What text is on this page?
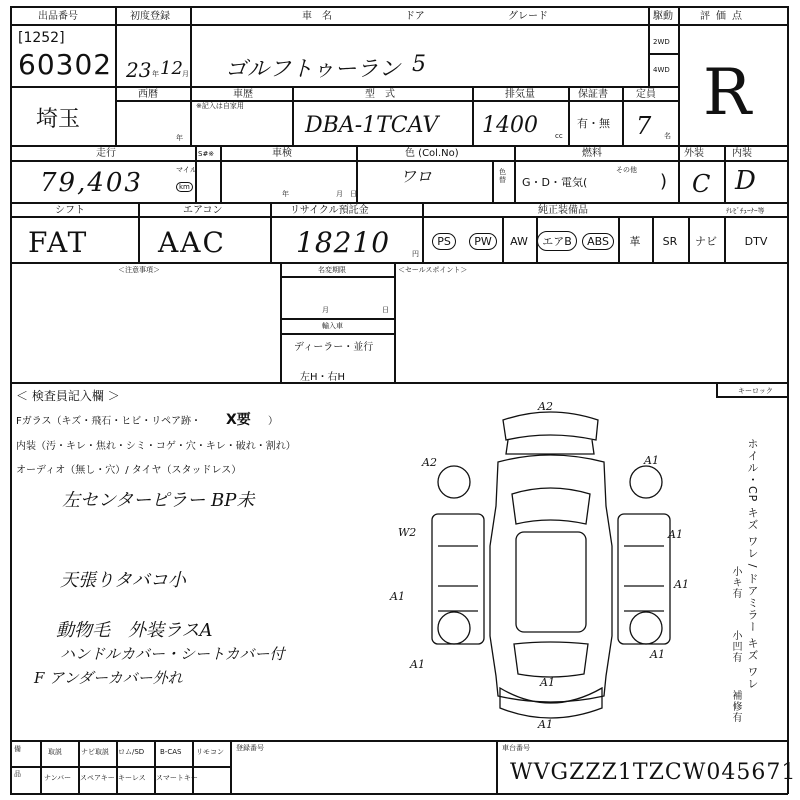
出品番号
[1252]
60302
初度登録
23 年 12 月
車　名	ドア	グレード
ゴルフトゥーラン 5
駆動
2WD
4WD
評価点
R
埼玉
西暦
年
車歴
※記入は自家用
型　式
DBA-1TCAV
排気量
1400 cc
保証書
有・無
定員
7 名
走行
79,403	マイル
km
S#※	車検
年	月 日
色 (Col.No)
ワロ	色替
燃料
G・D・電気(
その他
)
外装
C
内装
D
シフト
FAT
エアコン
AAC
リサイクル預託金
18210	円
純正装備品	ﾃﾚﾋﾞﾁｭｰﾅｰ等
PS	PW	AW	エアB	ABS	革 SR ナビ	DTV
＜注意事項＞	名変期限
月	日
輸入車
ディーラー・並行
左H・右H
＜セールスポイント＞
＜ 検査員記入欄 ＞
Fガラス（キズ・飛石・ヒビ・リペア跡・ X要 ）
内装（汚・キレ・焦れ・シミ・コゲ・穴・キレ・破れ・割れ）
オーディオ（無し・穴）/ タイヤ（スタッドレス）
左センターピラー BP未
天張りタバコ小
動物毛　外装ラスA
ハンドルカバー・シートカバー付
F アンダーカバー外れ
キーロック
A2
A2	A1
W2	A1
A1
A1
A1
A1
A1
A1
ホイル・CP キズ ワレ / ドアミラー キズ ワレ
小キ有
小凹有
補修有
備
品
取説	ナビ取説 ロム/SD B-CAS リモコン
ナンバー スペアキー キーレス スマートキー
登録番号	車台番号
WVGZZZ1TZCW045671
